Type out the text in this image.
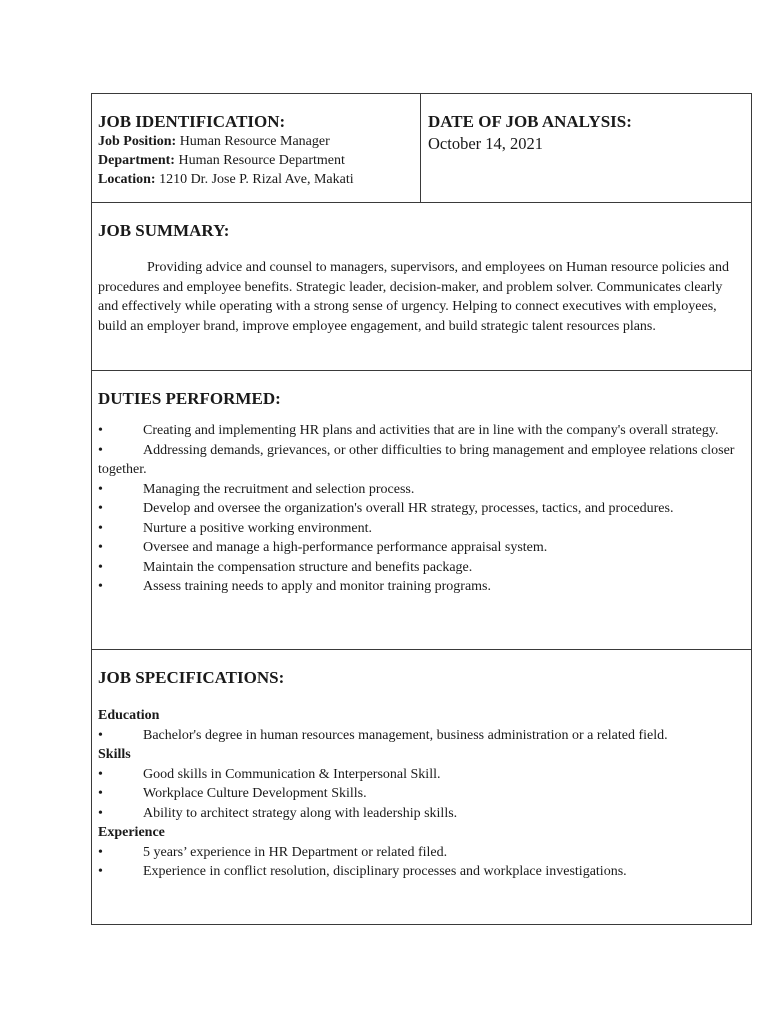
JOB IDENTIFICATION:
Job Position: Human Resource Manager
Department: Human Resource Department
Location: 1210 Dr. Jose P. Rizal Ave, Makati
DATE OF JOB ANALYSIS:
October 14, 2021
JOB SUMMARY:
Providing advice and counsel to managers, supervisors, and employees on Human resource policies and procedures and employee benefits. Strategic leader, decision-maker, and problem solver. Communicates clearly and effectively while operating with a strong sense of urgency. Helping to connect executives with employees, build an employer brand, improve employee engagement, and build strategic talent resources plans.
DUTIES PERFORMED:

•	Creating and implementing HR plans and activities that are in line with the company's overall strategy.

•	Addressing demands, grievances, or other difficulties to bring management and employee relations closer together.

•	Managing the recruitment and selection process.

•	Develop and oversee the organization's overall HR strategy, processes, tactics, and procedures.

•	Nurture a positive working environment.

•	Oversee and manage a high-performance performance appraisal system.

•	Maintain the compensation structure and benefits package.

•	Assess training needs to apply and monitor training programs.

JOB SPECIFICATIONS:
Education

•	Bachelor's degree in human resources management, business administration or a related field.

Skills

•	Good skills in Communication & Interpersonal Skill.

•	Workplace Culture Development Skills.

•	Ability to architect strategy along with leadership skills.

Experience

•	5 years’ experience in HR Department or related filed.

•	Experience in conflict resolution, disciplinary processes and workplace investigations.
